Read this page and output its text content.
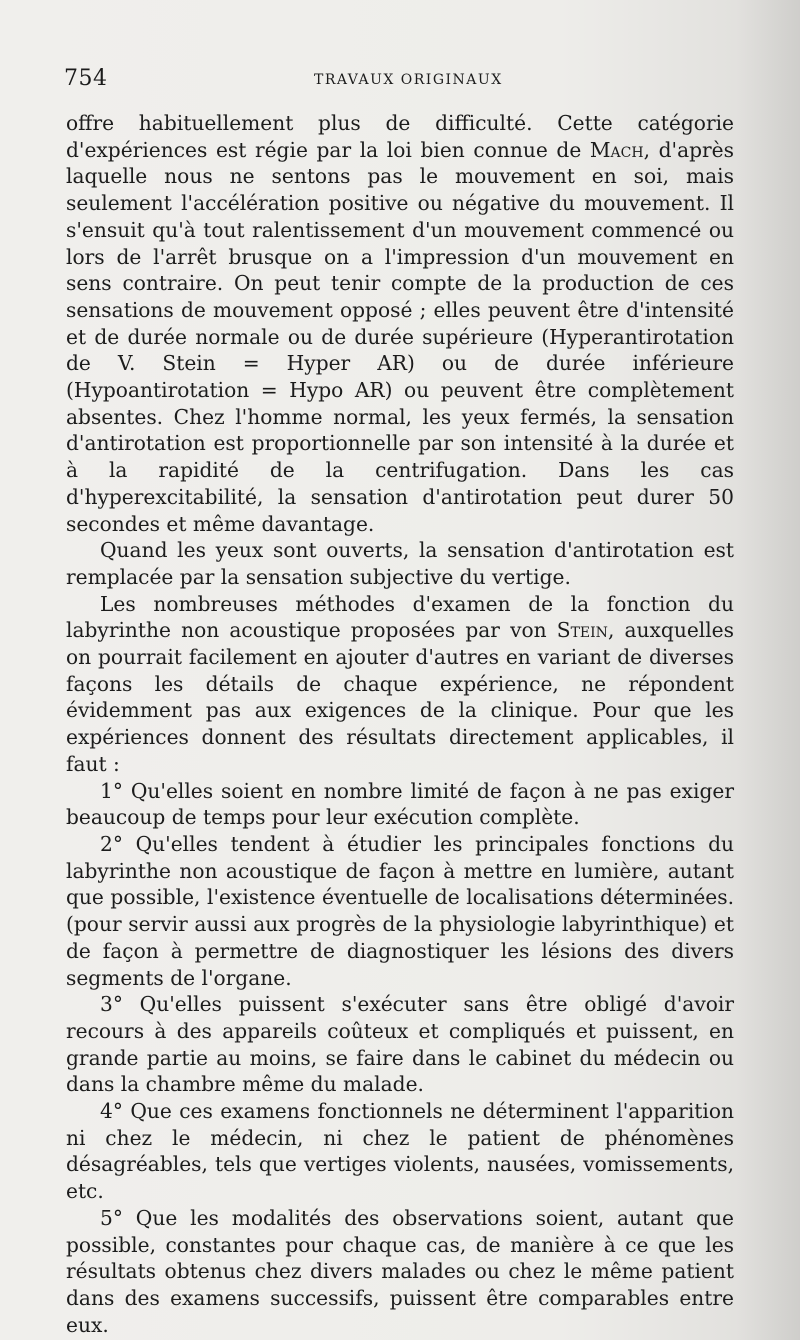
754	TRAVAUX ORIGINAUX

offre habituellement plus de difficulté. Cette catégorie d'expériences est régie par la loi bien connue de Mach, d'après laquelle nous ne sentons pas le mouvement en soi, mais seulement l'accélération positive ou négative du mouvement. Il s'ensuit qu'à tout ralentissement d'un mouvement commencé ou lors de l'arrêt brusque on a l'impression d'un mouvement en sens contraire. On peut tenir compte de la production de ces sensations de mouvement opposé ; elles peuvent être d'intensité et de durée normale ou de durée supérieure (Hyperantirotation de V. Stein = Hyper AR) ou de durée inférieure (Hypoantirotation = Hypo AR) ou peuvent être complètement absentes. Chez l'homme normal, les yeux fermés, la sensation d'antirotation est proportionnelle par son intensité à la durée et à la rapidité de la centrifugation. Dans les cas d'hyperexcitabilité, la sensation d'antirotation peut durer 50 secondes et même davantage.

Quand les yeux sont ouverts, la sensation d'antirotation est remplacée par la sensation subjective du vertige.

Les nombreuses méthodes d'examen de la fonction du labyrinthe non acoustique proposées par von Stein, auxquelles on pourrait facilement en ajouter d'autres en variant de diverses façons les détails de chaque expérience, ne répondent évidemment pas aux exigences de la clinique. Pour que les expériences donnent des résultats directement applicables, il faut :

1° Qu'elles soient en nombre limité de façon à ne pas exiger beaucoup de temps pour leur exécution complète.

2° Qu'elles tendent à étudier les principales fonctions du labyrinthe non acoustique de façon à mettre en lumière, autant que possible, l'existence éventuelle de localisations déterminées. (pour servir aussi aux progrès de la physiologie labyrinthique) et de façon à permettre de diagnostiquer les lésions des divers segments de l'organe.

3° Qu'elles puissent s'exécuter sans être obligé d'avoir recours à des appareils coûteux et compliqués et puissent, en grande partie au moins, se faire dans le cabinet du médecin ou dans la chambre même du malade.

4° Que ces examens fonctionnels ne déterminent l'apparition ni chez le médecin, ni chez le patient de phénomènes désagréables, tels que vertiges violents, nausées, vomissements, etc.

5° Que les modalités des observations soient, autant que possible, constantes pour chaque cas, de manière à ce que les résultats obtenus chez divers malades ou chez le même patient dans des examens successifs, puissent être comparables entre eux.
